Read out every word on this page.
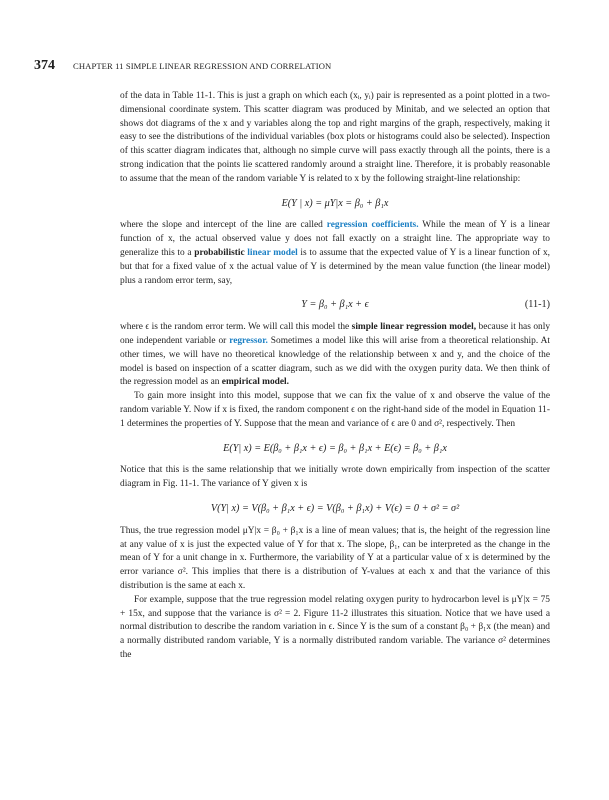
374 CHAPTER 11 SIMPLE LINEAR REGRESSION AND CORRELATION

of the data in Table 11-1. This is just a graph on which each (xᵢ, yᵢ) pair is represented as a point plotted in a two-dimensional coordinate system. This scatter diagram was produced by Minitab, and we selected an option that shows dot diagrams of the x and y variables along the top and right margins of the graph, respectively, making it easy to see the distributions of the individual variables (box plots or histograms could also be selected). Inspection of this scatter diagram indicates that, although no simple curve will pass exactly through all the points, there is a strong indication that the points lie scattered randomly around a straight line. Therefore, it is probably reasonable to assume that the mean of the random variable Y is related to x by the following straight-line relationship:

E(Y | x) = μY|x = β₀ + β₁x

where the slope and intercept of the line are called regression coefficients. While the mean of Y is a linear function of x, the actual observed value y does not fall exactly on a straight line. The appropriate way to generalize this to a probabilistic linear model is to assume that the expected value of Y is a linear function of x, but that for a fixed value of x the actual value of Y is determined by the mean value function (the linear model) plus a random error term, say,

Y = β₀ + β₁x + ϵ	(11-1)

where ϵ is the random error term. We will call this model the simple linear regression model, because it has only one independent variable or regressor. Sometimes a model like this will arise from a theoretical relationship. At other times, we will have no theoretical knowledge of the relationship between x and y, and the choice of the model is based on inspection of a scatter diagram, such as we did with the oxygen purity data. We then think of the regression model as an empirical model.

To gain more insight into this model, suppose that we can fix the value of x and observe the value of the random variable Y. Now if x is fixed, the random component ϵ on the right-hand side of the model in Equation 11-1 determines the properties of Y. Suppose that the mean and variance of ϵ are 0 and σ², respectively. Then

E(Y| x) = E(β₀ + β₁x + ϵ) = β₀ + β₁x + E(ϵ) = β₀ + β₁x

Notice that this is the same relationship that we initially wrote down empirically from inspection of the scatter diagram in Fig. 11-1. The variance of Y given x is

V(Y| x) = V(β₀ + β₁x + ϵ) = V(β₀ + β₁x) + V(ϵ) = 0 + σ² = σ²

Thus, the true regression model μY|x = β₀ + β₁x is a line of mean values; that is, the height of the regression line at any value of x is just the expected value of Y for that x. The slope, β₁, can be interpreted as the change in the mean of Y for a unit change in x. Furthermore, the variability of Y at a particular value of x is determined by the error variance σ². This implies that there is a distribution of Y-values at each x and that the variance of this distribution is the same at each x.

For example, suppose that the true regression model relating oxygen purity to hydrocarbon level is μY|x = 75 + 15x, and suppose that the variance is σ² = 2. Figure 11-2 illustrates this situation. Notice that we have used a normal distribution to describe the random variation in ϵ. Since Y is the sum of a constant β₀ + β₁x (the mean) and a normally distributed random variable, Y is a normally distributed random variable. The variance σ² determines the
